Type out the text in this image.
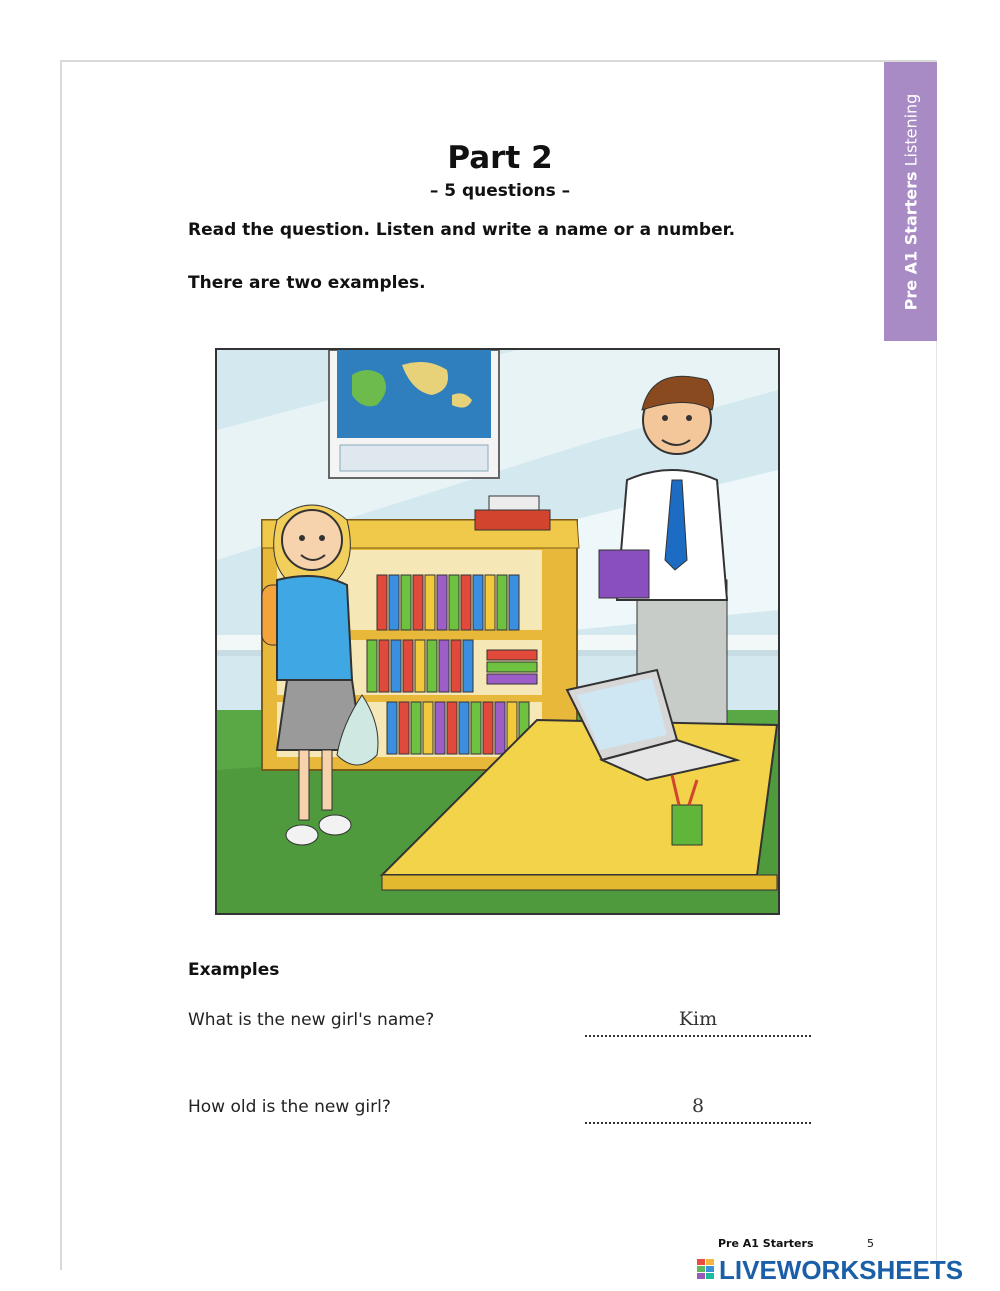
Pre A1 Starters Listening
Part 2
– 5 questions –
Read the question. Listen and write a name or a number.
There are two examples.
Examples
What is the new girl's name?	Kim
How old is the new girl?	8
Pre A1 Starters	5
LIVEWORKSHEETS
